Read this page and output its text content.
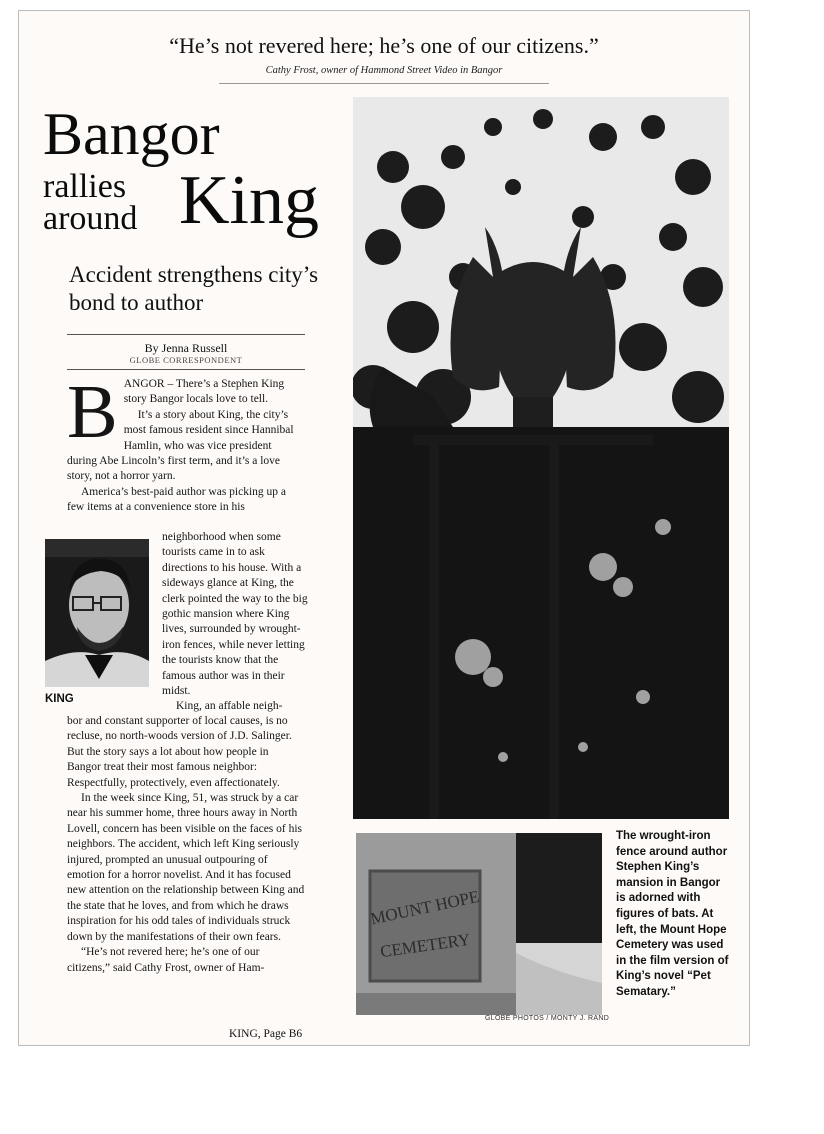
“He’s not revered here; he’s one of our citizens.”
Cathy Frost, owner of Hammond Street Video in Bangor
Bangor
rallies
around King
Accident strengthens city’s bond to author
By Jenna Russell
GLOBE CORRESPONDENT
B ANGOR – There’s a Stephen King story Bangor locals love to tell.

It’s a story about King, the city’s most famous resident since Hannibal Hamlin, who was vice president during Abe Lincoln’s first term, and it’s a love story, not a horror yarn.

America’s best-paid author was picking up a few items at a convenience store in his

KING

neighborhood when some tourists came in to ask directions to his house. With a sideways glance at King, the clerk pointed the way to the big gothic mansion where King lives, surrounded by wrought-iron fences, while never letting the tourists know that the famous author was in their midst.

King, an affable neigh-

bor and constant supporter of local causes, is no recluse, no north-woods version of J.D. Salinger. But the story says a lot about how people in Bangor treat their most famous neighbor: Respectfully, protectively, even affectionately.

In the week since King, 51, was struck by a car near his summer home, three hours away in North Lovell, concern has been visible on the faces of his neighbors. The accident, which left King seriously injured, prompted an unusual outpouring of emotion for a horror novelist. And it has focused new attention on the relationship between King and the state that he loves, and from which he draws inspiration for his odd tales of individuals struck down by the manifestations of their own fears.

“He’s not revered here; he’s one of our citizens,” said Cathy Frost, owner of Ham-

KING, Page B6
MOUNT HOPE
CEMETERY
GLOBE PHOTOS / MONTY J. RAND
The wrought-iron fence around author Stephen King’s mansion in Bangor is adorned with figures of bats. At left, the Mount Hope Cemetery was used in the film version of King’s novel “Pet Sematary.”
